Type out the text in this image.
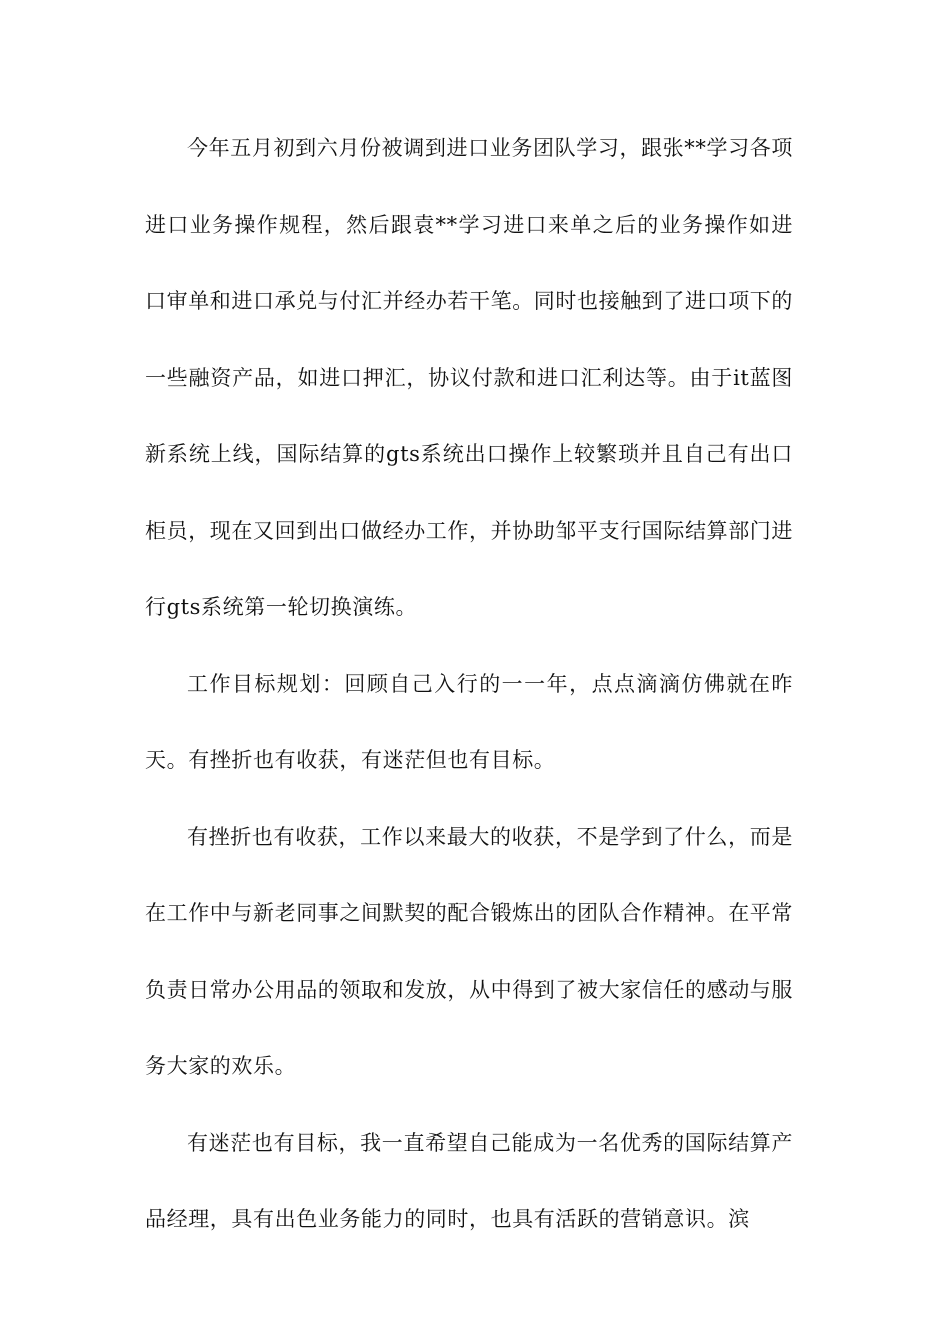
今年五月初到六月份被调到进口业务团队学习，跟张**学习各项进口业务操作规程，然后跟袁**学习进口来单之后的业务操作如进口审单和进口承兑与付汇并经办若干笔。同时也接触到了进口项下的一些融资产品，如进口押汇，协议付款和进口汇利达等。由于it蓝图新系统上线，国际结算的gts系统出口操作上较繁琐并且自己有出口柜员，现在又回到出口做经办工作，并协助邹平支行国际结算部门进行gts系统第一轮切换演练。

工作目标规划：回顾自己入行的一一年，点点滴滴仿佛就在昨天。有挫折也有收获，有迷茫但也有目标。

有挫折也有收获，工作以来最大的收获，不是学到了什么，而是在工作中与新老同事之间默契的配合锻炼出的团队合作精神。在平常负责日常办公用品的领取和发放，从中得到了被大家信任的感动与服务大家的欢乐。

有迷茫也有目标，我一直希望自己能成为一名优秀的国际结算产品经理，具有出色业务能力的同时，也具有活跃的营销意识。滨
